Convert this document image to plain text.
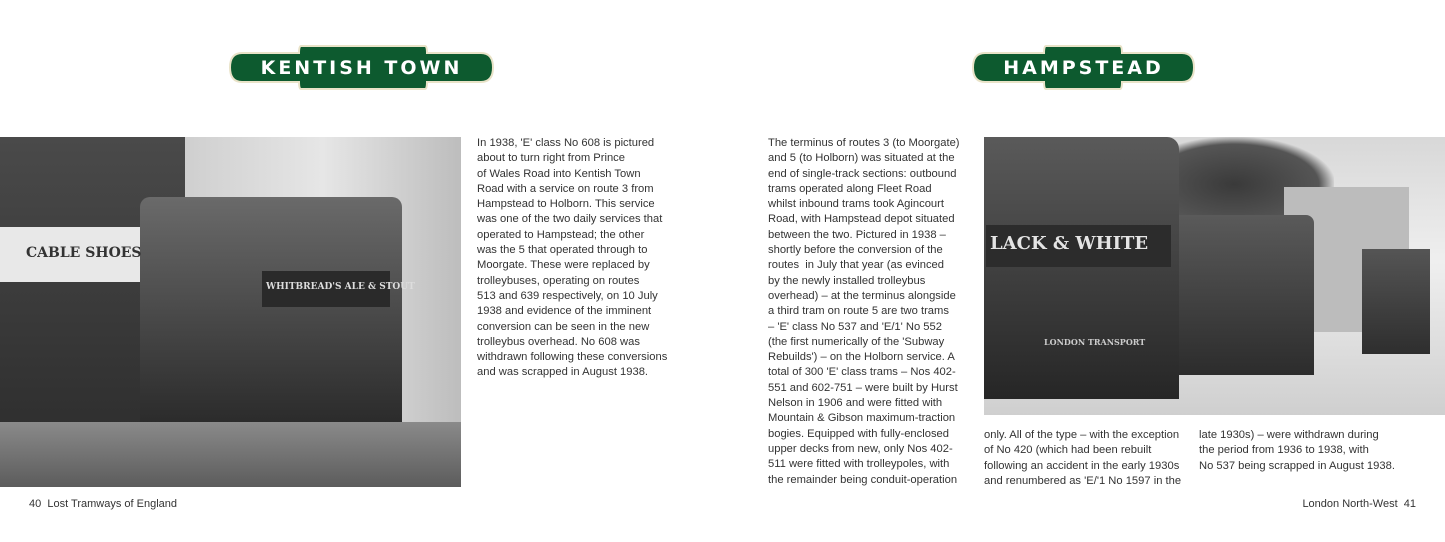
KENTISH TOWN	HAMPSTEAD
CABLE SHOES
WHITBREAD'S ALE & STOUT
In 1938, 'E' class No 608 is pictured
about to turn right from Prince
of Wales Road into Kentish Town
Road with a service on route 3 from
Hampstead to Holborn. This service
was one of the two daily services that
operated to Hampstead; the other
was the 5 that operated through to
Moorgate. These were replaced by
trolleybuses, operating on routes
513 and 639 respectively, on 10 July
1938 and evidence of the imminent
conversion can be seen in the new
trolleybus overhead. No 608 was
withdrawn following these conversions
and was scrapped in August 1938.
The terminus of routes 3 (to Moorgate)
and 5 (to Holborn) was situated at the
end of single-track sections: outbound
trams operated along Fleet Road
whilst inbound trams took Agincourt
Road, with Hampstead depot situated
between the two. Pictured in 1938 –
shortly before the conversion of the
routes  in July that year (as evinced
by the newly installed trolleybus
overhead) – at the terminus alongside
a third tram on route 5 are two trams
– 'E' class No 537 and 'E/1' No 552
(the first numerically of the 'Subway
Rebuilds') – on the Holborn service. A
total of 300 'E' class trams – Nos 402-
551 and 602-751 – were built by Hurst
Nelson in 1906 and were fitted with
Mountain & Gibson maximum-traction
bogies. Equipped with fully-enclosed
upper decks from new, only Nos 402-
511 were fitted with trolleypoles, with
the remainder being conduit-operation
LACK & WHITE
LONDON TRANSPORT
only. All of the type – with the exception
of No 420 (which had been rebuilt
following an accident in the early 1930s
and renumbered as 'E/'1 No 1597 in the
late 1930s) – were withdrawn during
the period from 1936 to 1938, with
No 537 being scrapped in August 1938.
40 Lost Tramways of England	London North-West 41
